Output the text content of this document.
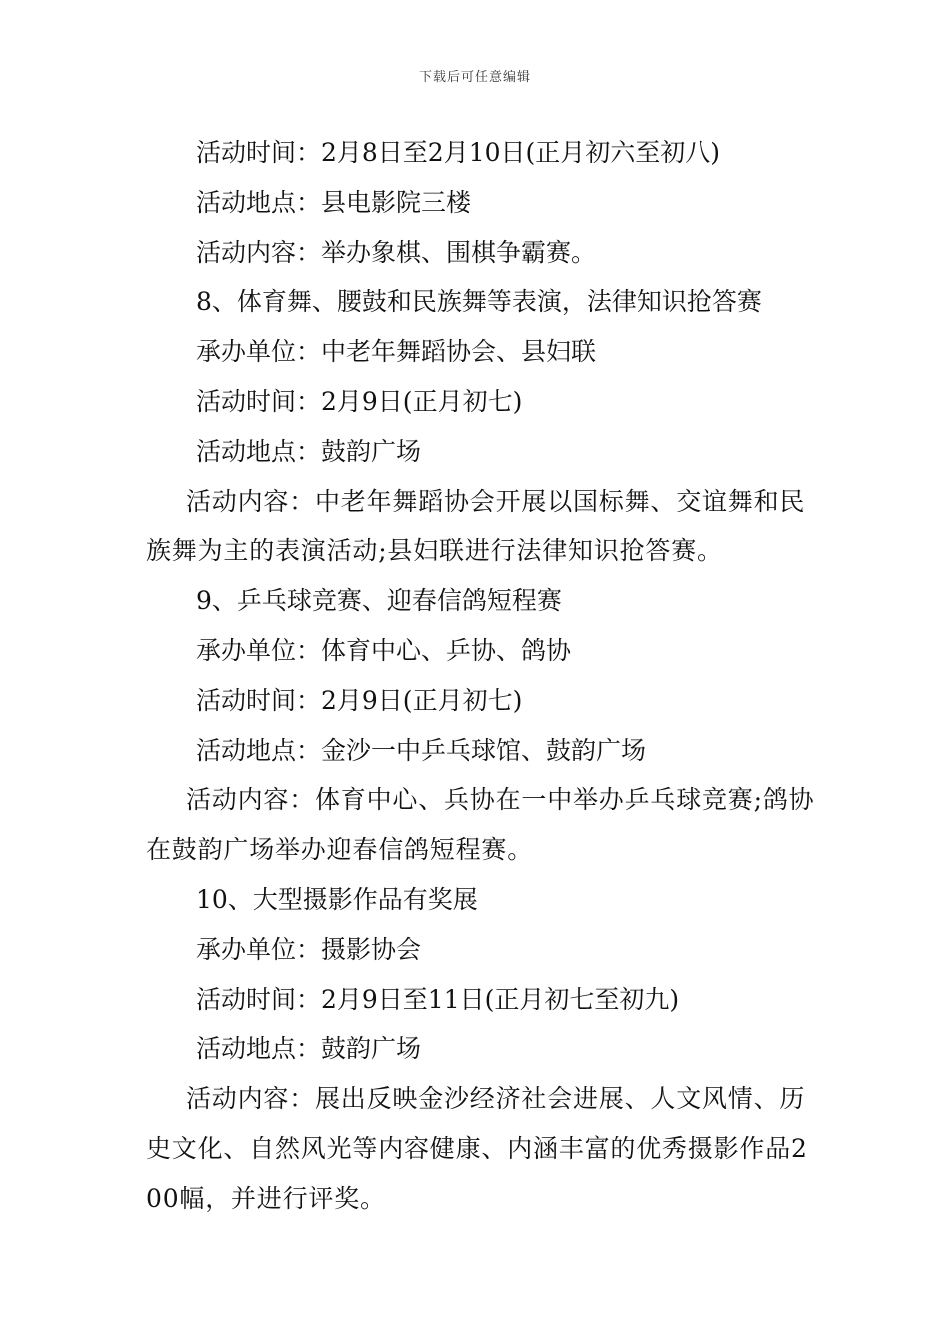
下载后可任意编辑
活动时间：2月8日至2月10日(正月初六至初八)
活动地点：县电影院三楼
活动内容：举办象棋、围棋争霸赛。
8、体育舞、腰鼓和民族舞等表演，法律知识抢答赛
承办单位：中老年舞蹈协会、县妇联
活动时间：2月9日(正月初七)
活动地点：鼓韵广场
活动内容：中老年舞蹈协会开展以国标舞、交谊舞和民族舞为主的表演活动;县妇联进行法律知识抢答赛。
9、乒乓球竞赛、迎春信鸽短程赛
承办单位：体育中心、乒协、鸽协
活动时间：2月9日(正月初七)
活动地点：金沙一中乒乓球馆、鼓韵广场
活动内容：体育中心、兵协在一中举办乒乓球竞赛;鸽协在鼓韵广场举办迎春信鸽短程赛。
10、大型摄影作品有奖展
承办单位：摄影协会
活动时间：2月9日至11日(正月初七至初九)
活动地点：鼓韵广场
活动内容：展出反映金沙经济社会进展、人文风情、历史文化、自然风光等内容健康、内涵丰富的优秀摄影作品200幅，并进行评奖。
